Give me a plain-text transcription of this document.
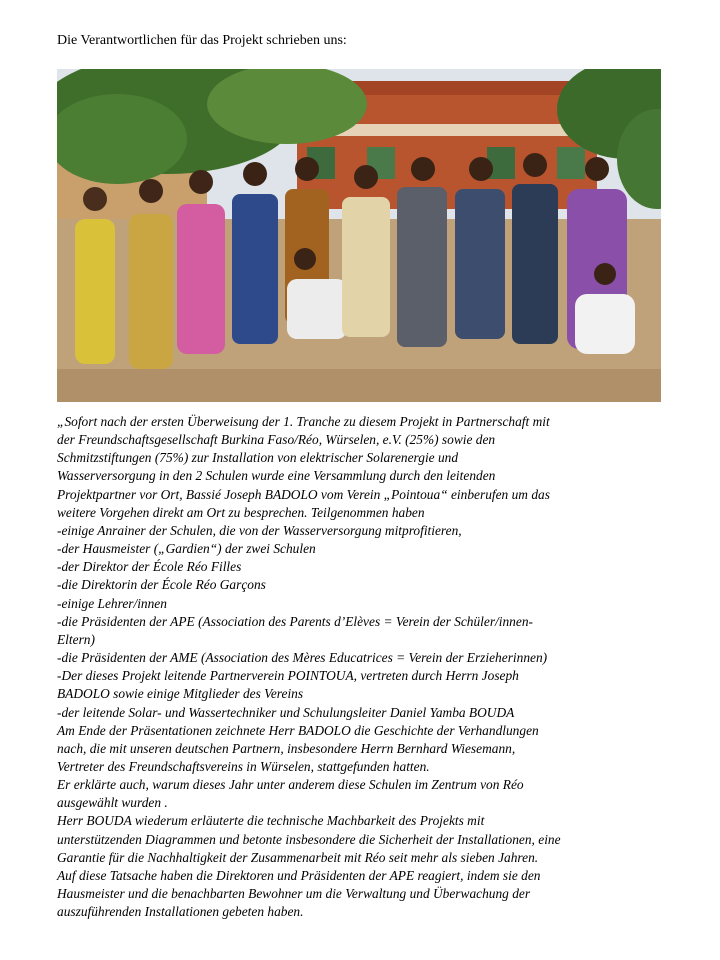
Die Verantwortlichen für das Projekt schrieben uns:
„Sofort nach der ersten Überweisung der 1. Tranche zu diesem Projekt in Partnerschaft mit
der Freundschaftsgesellschaft Burkina Faso/Réo, Würselen, e.V. (25%) sowie den
Schmitzstiftungen (75%) zur Installation von elektrischer Solarenergie und
Wasserversorgung in den 2 Schulen wurde eine Versammlung durch den leitenden
Projektpartner vor Ort, Bassié Joseph BADOLO vom Verein „Pointoua“ einberufen um das
weitere Vorgehen direkt am Ort zu besprechen. Teilgenommen haben
-einige Anrainer der Schulen, die von der Wasserversorgung mitprofitieren,
-der Hausmeister („Gardien“) der zwei Schulen
-der Direktor der École Réo Filles
-die Direktorin der École Réo Garçons
-einige Lehrer/innen
-die Präsidenten der APE (Association des Parents d’Elèves = Verein der Schüler/innen-
Eltern)
-die Präsidenten der AME (Association des Mères Educatrices = Verein der Erzieherinnen)
-Der dieses Projekt leitende Partnerverein POINTOUA, vertreten durch Herrn Joseph
BADOLO sowie einige Mitglieder des Vereins
-der leitende Solar- und Wassertechniker und Schulungsleiter Daniel Yamba BOUDA
Am Ende der Präsentationen zeichnete Herr BADOLO die Geschichte der Verhandlungen
nach, die mit unseren deutschen Partnern, insbesondere Herrn Bernhard Wiesemann,
Vertreter des Freundschaftsvereins in Würselen, stattgefunden hatten.
Er erklärte auch, warum dieses Jahr unter anderem diese Schulen im Zentrum von Réo
ausgewählt wurden .
Herr BOUDA wiederum erläuterte die technische Machbarkeit des Projekts mit
unterstützenden Diagrammen und betonte insbesondere die Sicherheit der Installationen, eine
Garantie für die Nachhaltigkeit der Zusammenarbeit mit Réo seit mehr als sieben Jahren.
Auf diese Tatsache haben die Direktoren und Präsidenten der APE reagiert, indem sie den
Hausmeister und die benachbarten Bewohner um die Verwaltung und Überwachung der
auszuführenden Installationen gebeten haben.
